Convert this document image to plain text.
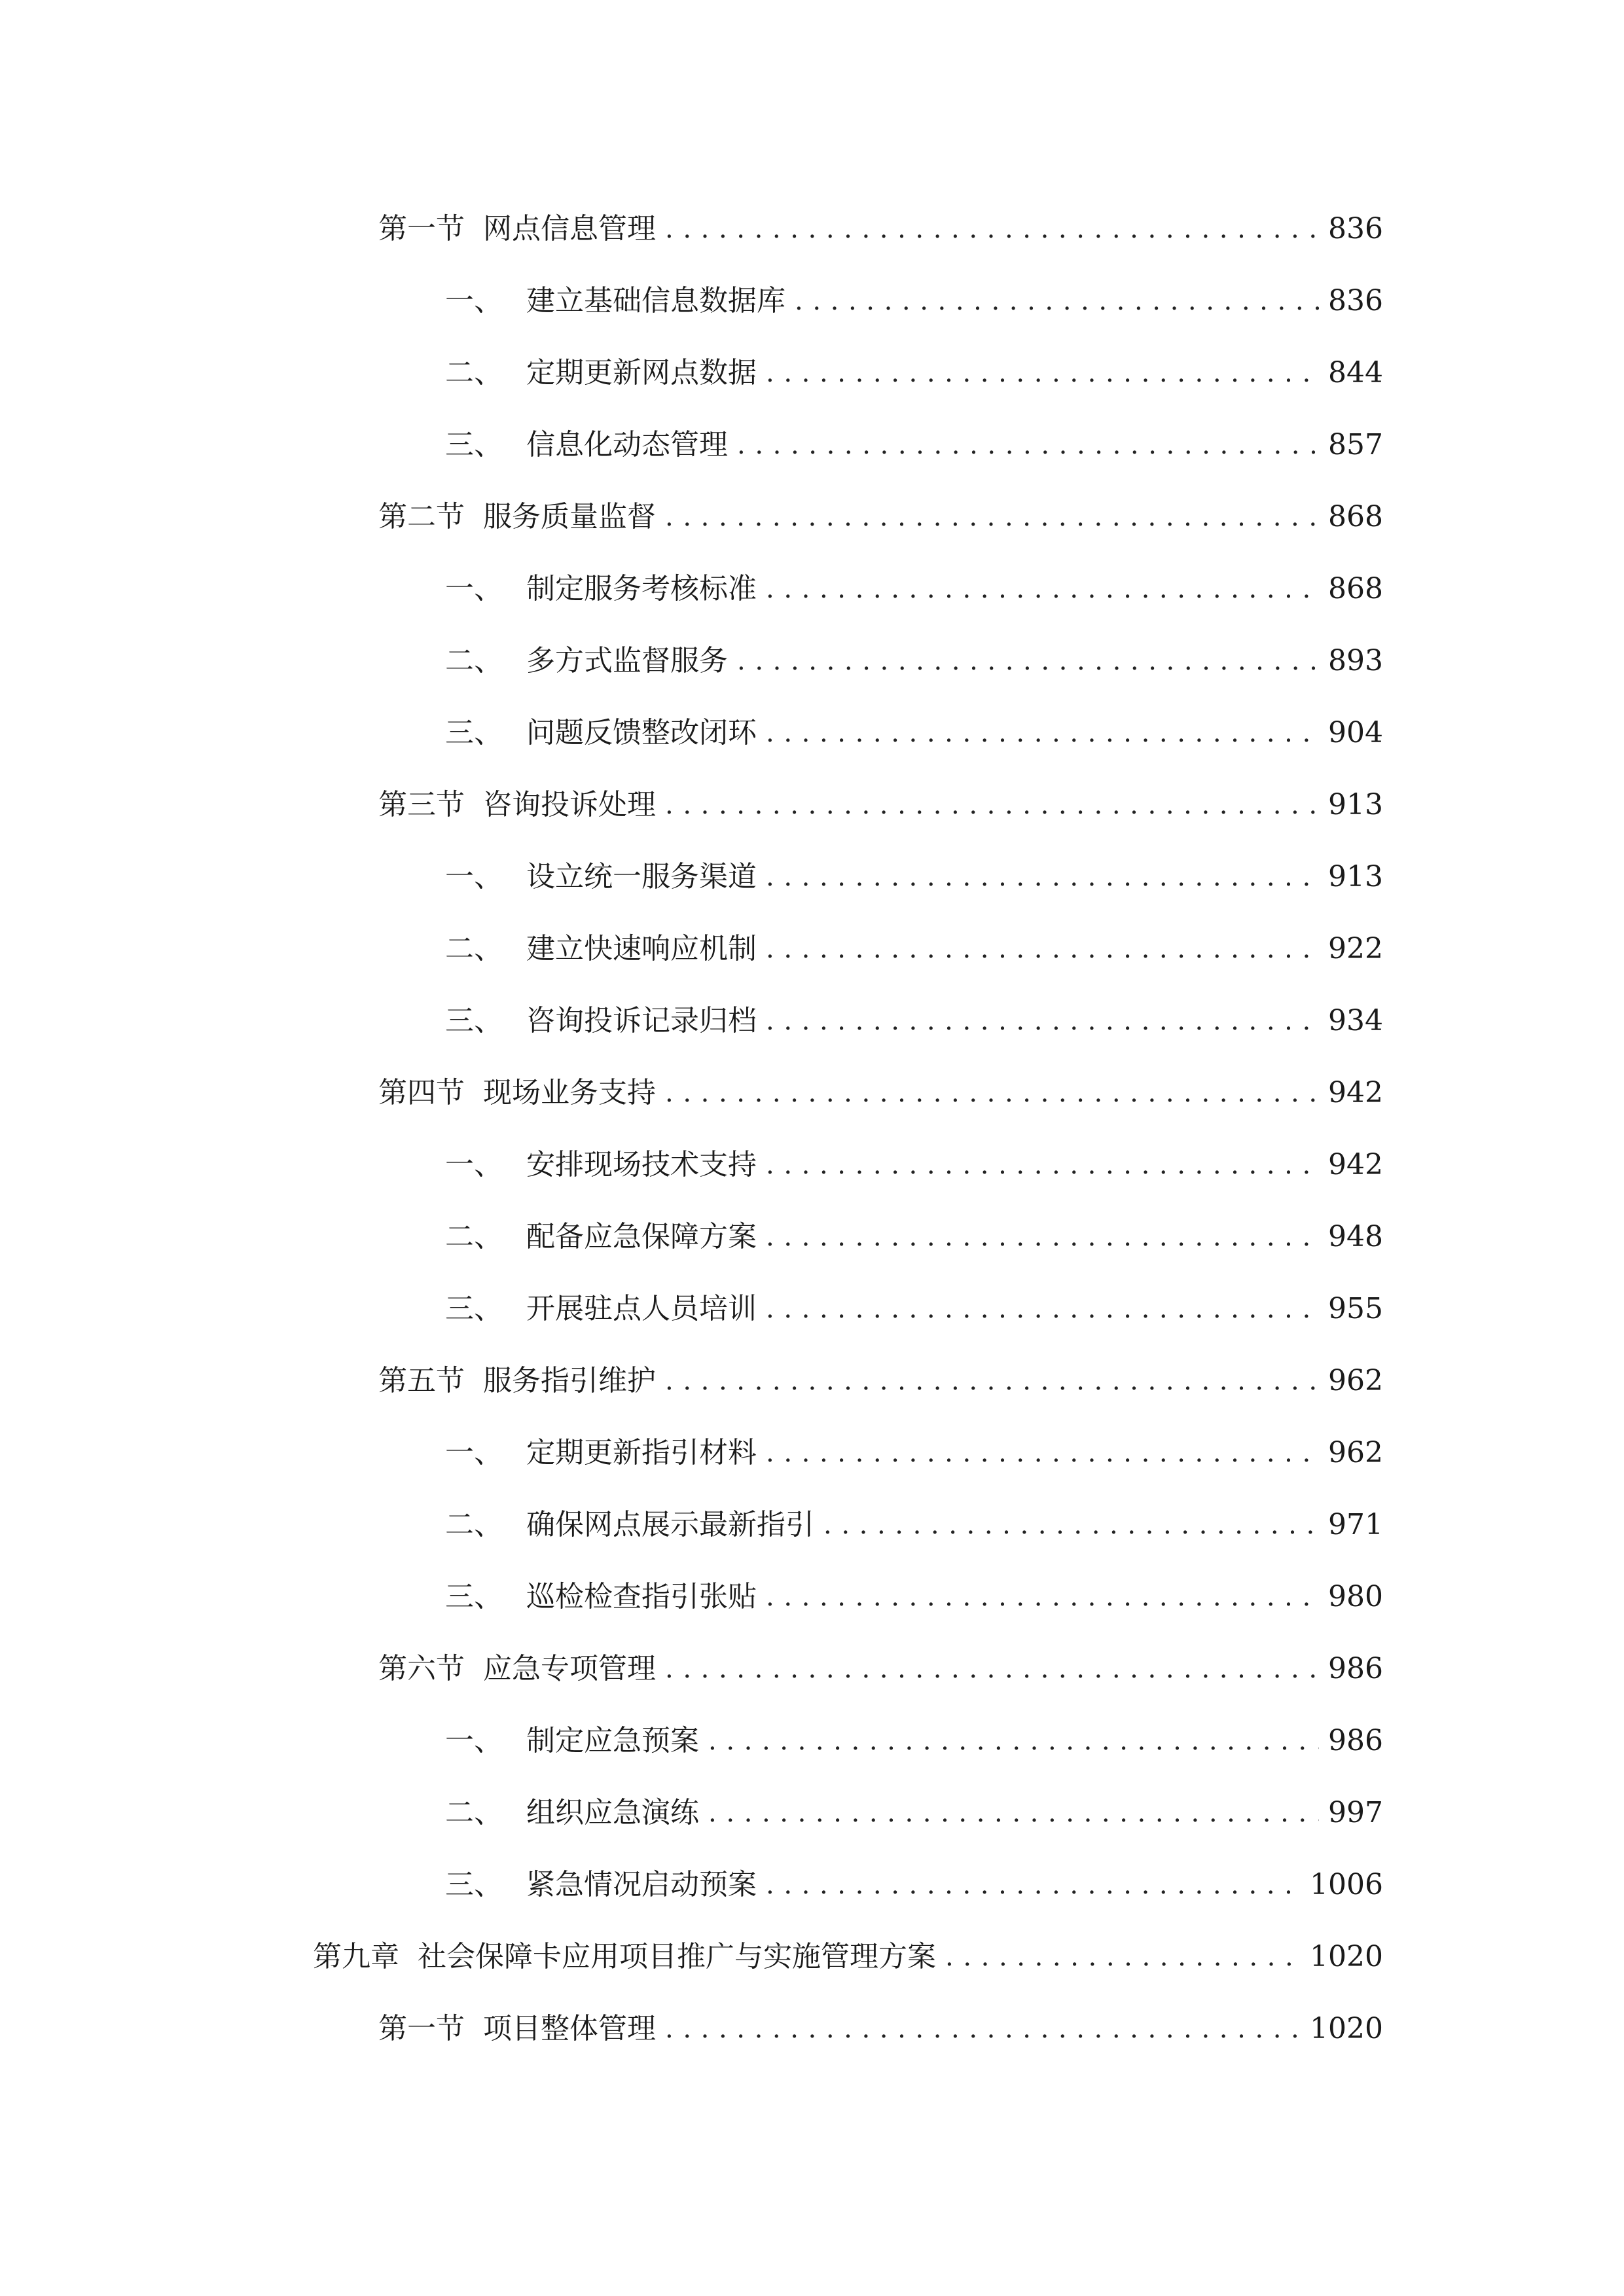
第一节 网点信息管理 .....	836
一、 建立基础信息数据库 .....	836
二、 定期更新网点数据 .....	844
三、 信息化动态管理 .....	857
第二节 服务质量监督 .....	868
一、 制定服务考核标准 .....	868
二、 多方式监督服务 .....	893
三、 问题反馈整改闭环 .....	904
第三节 咨询投诉处理 .....	913
一、 设立统一服务渠道 .....	913
二、 建立快速响应机制 .....	922
三、 咨询投诉记录归档 .....	934
第四节 现场业务支持 .....	942
一、 安排现场技术支持 .....	942
二、 配备应急保障方案 .....	948
三、 开展驻点人员培训 .....	955
第五节 服务指引维护 .....	962
一、 定期更新指引材料 .....	962
二、 确保网点展示最新指引 .....	971
三、 巡检检查指引张贴 .....	980
第六节 应急专项管理 .....	986
一、 制定应急预案 .....	986
二、 组织应急演练 .....	997
三、 紧急情况启动预案 .....	1006
第九章 社会保障卡应用项目推广与实施管理方案 .....	1020
第一节 项目整体管理 .....	1020
